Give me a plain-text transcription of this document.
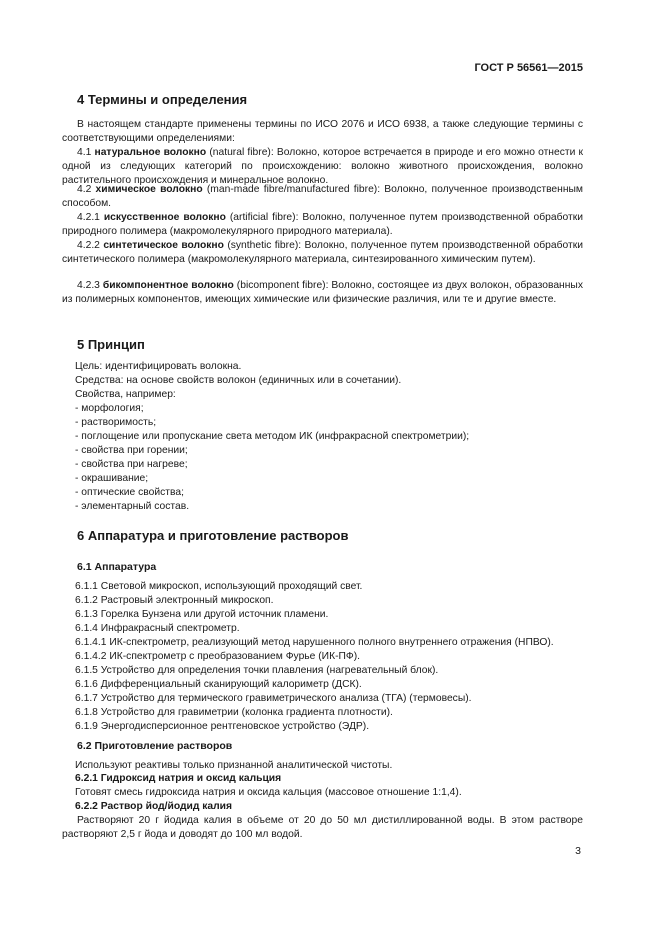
ГОСТ Р 56561—2015
4 Термины и определения

В настоящем стандарте применены термины по ИСО 2076 и ИСО 6938, а также следующие термины с соответствующими определениями:

4.1 натуральное волокно (natural fibre): Волокно, которое встречается в природе и его можно отнести к одной из следующих категорий по происхождению: волокно животного происхождения, волокно растительного происхождения и минеральное волокно.

4.2 химическое волокно (man-made fibre/manufactured fibre): Волокно, полученное производственным способом.

4.2.1 искусственное волокно (artificial fibre): Волокно, полученное путем производственной обработки природного полимера (макромолекулярного природного материала).

4.2.2 синтетическое волокно (synthetic fibre): Волокно, полученное путем производственной обработки синтетического полимера (макромолекулярного материала, синтезированного химическим путем).

4.2.3 бикомпонентное волокно (bicomponent fibre): Волокно, состоящее из двух волокон, образованных из полимерных компонентов, имеющих химические или физические различия, или те и другие вместе.

5 Принцип
Цель: идентифицировать волокна.
Средства: на основе свойств волокон (единичных или в сочетании).
Свойства, например:
- морфология;
- растворимость;
- поглощение или пропускание света методом ИК (инфракрасной спектрометрии);
- свойства при горении;
- свойства при нагреве;
- окрашивание;
- оптические свойства;
- элементарный состав.
6 Аппаратура и приготовление растворов
6.1 Аппаратура
6.1.1 Световой микроскоп, использующий проходящий свет.
6.1.2 Растровый электронный микроскоп.
6.1.3 Горелка Бунзена или другой источник пламени.
6.1.4 Инфракрасный спектрометр.
6.1.4.1 ИК-спектрометр, реализующий метод нарушенного полного внутреннего отражения (НПВО).
6.1.4.2 ИК-спектрометр с преобразованием Фурье (ИК-ПФ).
6.1.5 Устройство для определения точки плавления (нагревательный блок).
6.1.6 Дифференциальный сканирующий калориметр (ДСК).
6.1.7 Устройство для термического гравиметрического анализа (ТГА) (термовесы).
6.1.8 Устройство для гравиметрии (колонка градиента плотности).
6.1.9 Энергодисперсионное рентгеновское устройство (ЭДР).
6.2 Приготовление растворов
Используют реактивы только признанной аналитической чистоты.
6.2.1 Гидроксид натрия и оксид кальция
Готовят смесь гидроксида натрия и оксида кальция (массовое отношение 1:1,4).
6.2.2 Раствор йод/йодид калия

Растворяют 20 г йодида калия в объеме от 20 до 50 мл дистиллированной воды. В этом растворе растворяют 2,5 г йода и доводят до 100 мл водой.

3
